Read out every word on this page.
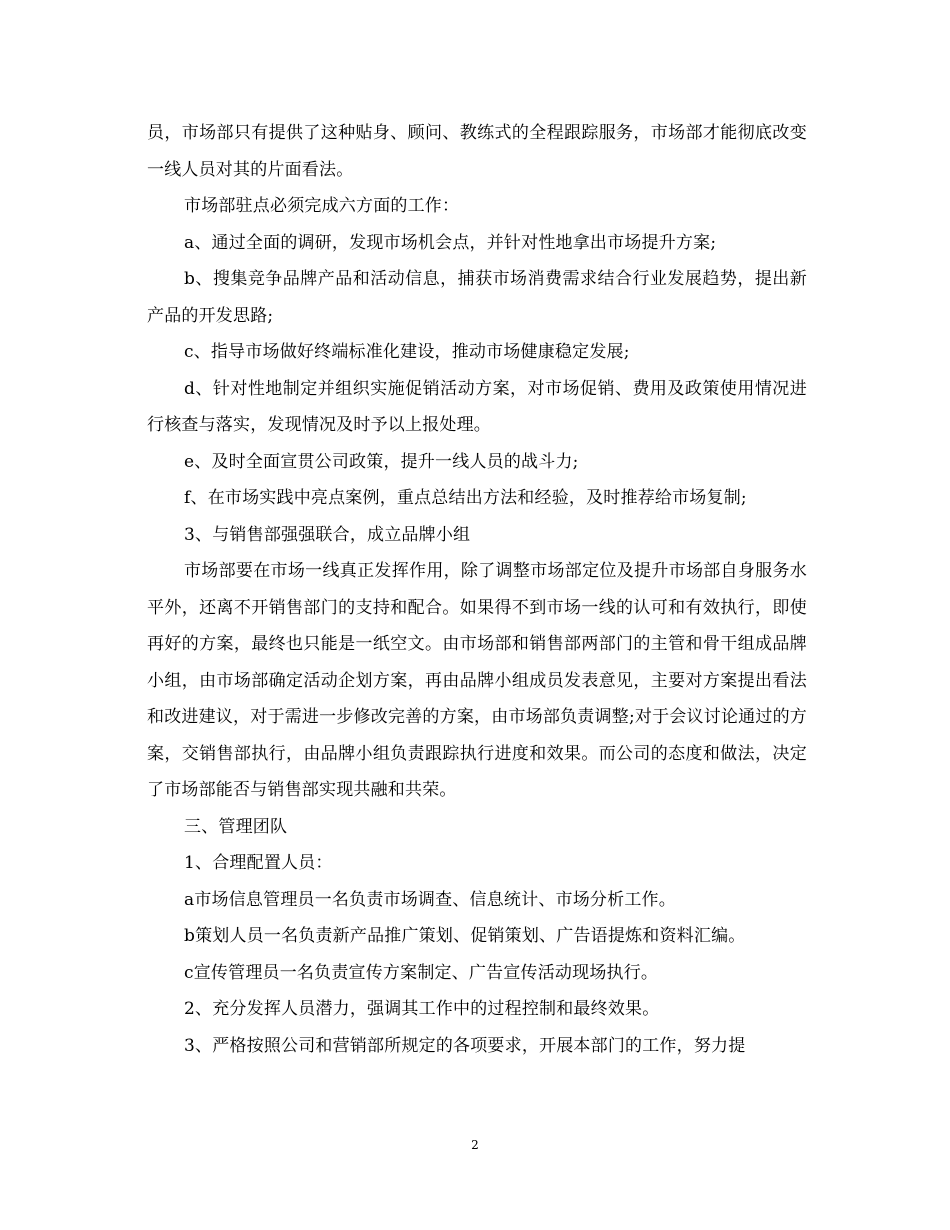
员，市场部只有提供了这种贴身、顾问、教练式的全程跟踪服务，市场部才能彻底改变一线人员对其的片面看法。

市场部驻点必须完成六方面的工作：

a、通过全面的调研，发现市场机会点，并针对性地拿出市场提升方案;

b、搜集竞争品牌产品和活动信息，捕获市场消费需求结合行业发展趋势，提出新产品的开发思路;

c、指导市场做好终端标准化建设，推动市场健康稳定发展;

d、针对性地制定并组织实施促销活动方案，对市场促销、费用及政策使用情况进行核查与落实，发现情况及时予以上报处理。

e、及时全面宣贯公司政策，提升一线人员的战斗力;

f、在市场实践中亮点案例，重点总结出方法和经验，及时推荐给市场复制;

3、与销售部强强联合，成立品牌小组

市场部要在市场一线真正发挥作用，除了调整市场部定位及提升市场部自身服务水平外，还离不开销售部门的支持和配合。如果得不到市场一线的认可和有效执行，即使再好的方案，最终也只能是一纸空文。由市场部和销售部两部门的主管和骨干组成品牌小组，由市场部确定活动企划方案，再由品牌小组成员发表意见，主要对方案提出看法和改进建议，对于需进一步修改完善的方案，由市场部负责调整;对于会议讨论通过的方案，交销售部执行，由品牌小组负责跟踪执行进度和效果。而公司的态度和做法，决定了市场部能否与销售部实现共融和共荣。

三、管理团队

1、合理配置人员：

a市场信息管理员一名负责市场调查、信息统计、市场分析工作。

b策划人员一名负责新产品推广策划、促销策划、广告语提炼和资料汇编。

c宣传管理员一名负责宣传方案制定、广告宣传活动现场执行。

2、充分发挥人员潜力，强调其工作中的过程控制和最终效果。

3、严格按照公司和营销部所规定的各项要求，开展本部门的工作，努力提

2
